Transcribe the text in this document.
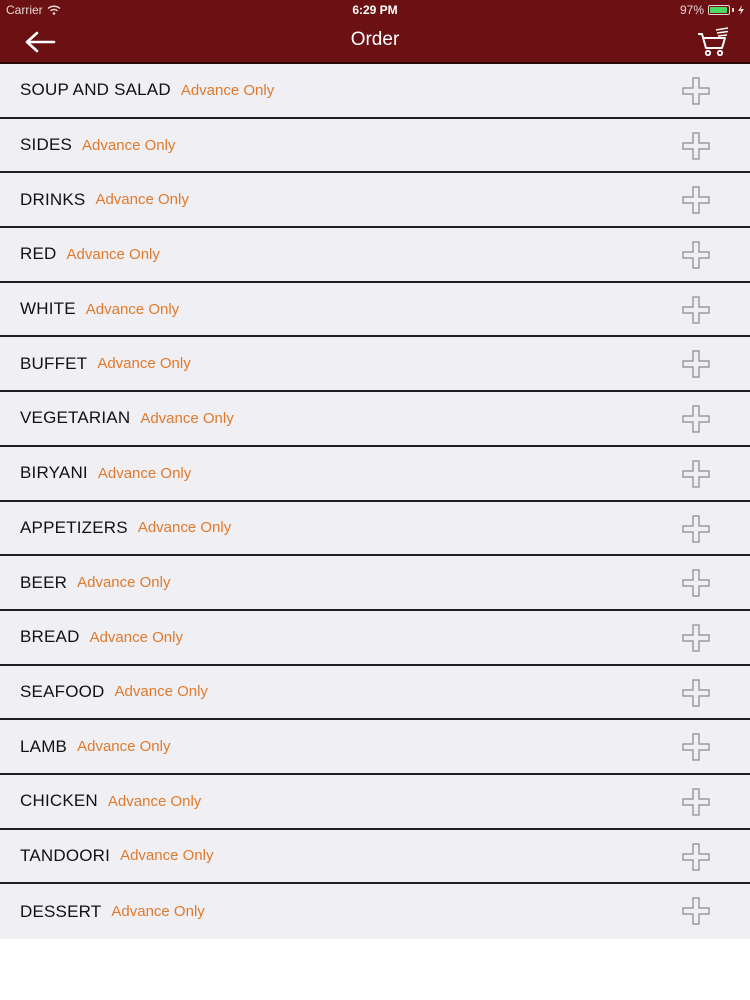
Carrier	6:29 PM	97%
Order
SOUP AND SALAD Advance Only
SIDES Advance Only
DRINKS Advance Only
RED Advance Only
WHITE Advance Only
BUFFET Advance Only
VEGETARIAN Advance Only
BIRYANI Advance Only
APPETIZERS Advance Only
BEER Advance Only
BREAD Advance Only
SEAFOOD Advance Only
LAMB Advance Only
CHICKEN Advance Only
TANDOORI Advance Only
DESSERT Advance Only
